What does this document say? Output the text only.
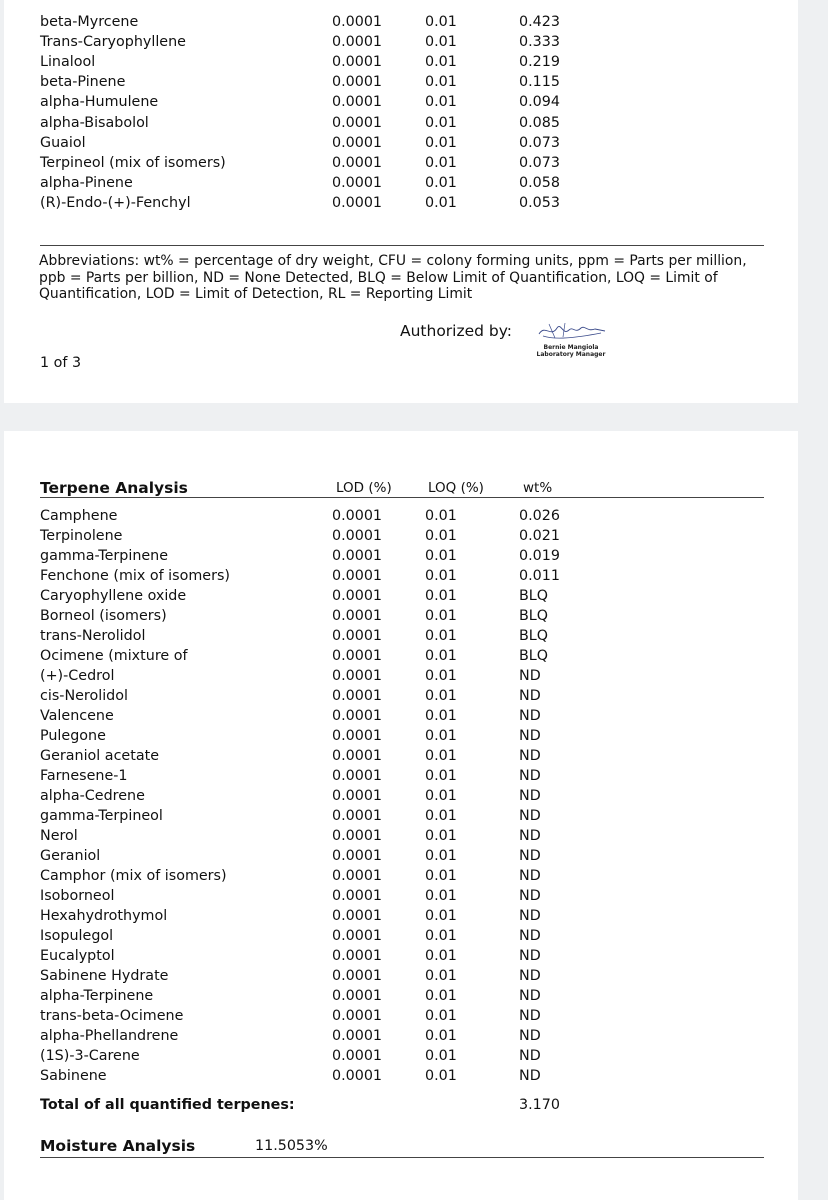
beta-Myrcene	0.0001	0.01	0.423
Trans-Caryophyllene	0.0001	0.01	0.333
Linalool	0.0001	0.01	0.219
beta-Pinene	0.0001	0.01	0.115
alpha-Humulene	0.0001	0.01	0.094
alpha-Bisabolol	0.0001	0.01	0.085
Guaiol	0.0001	0.01	0.073
Terpineol (mix of isomers)	0.0001	0.01	0.073
alpha-Pinene	0.0001	0.01	0.058
(R)-Endo-(+)-Fenchyl	0.0001	0.01	0.053
Abbreviations: wt% = percentage of dry weight, CFU = colony forming units, ppm = Parts per million, ppb = Parts per billion, ND = None Detected, BLQ = Below Limit of Quantification, LOQ = Limit of Quantification, LOD = Limit of Detection, RL = Reporting Limit
Authorized by:
Bernie Mangiola
Laboratory Manager
1 of 3
Terpene Analysis	LOD (%)	LOQ (%)	wt%
Camphene	0.0001	0.01	0.026
Terpinolene	0.0001	0.01	0.021
gamma-Terpinene	0.0001	0.01	0.019
Fenchone (mix of isomers)	0.0001	0.01	0.011
Caryophyllene oxide	0.0001	0.01	BLQ
Borneol (isomers)	0.0001	0.01	BLQ
trans-Nerolidol	0.0001	0.01	BLQ
Ocimene (mixture of	0.0001	0.01	BLQ
(+)-Cedrol	0.0001	0.01	ND
cis-Nerolidol	0.0001	0.01	ND
Valencene	0.0001	0.01	ND
Pulegone	0.0001	0.01	ND
Geraniol acetate	0.0001	0.01	ND
Farnesene-1	0.0001	0.01	ND
alpha-Cedrene	0.0001	0.01	ND
gamma-Terpineol	0.0001	0.01	ND
Nerol	0.0001	0.01	ND
Geraniol	0.0001	0.01	ND
Camphor (mix of isomers)	0.0001	0.01	ND
Isoborneol	0.0001	0.01	ND
Hexahydrothymol	0.0001	0.01	ND
Isopulegol	0.0001	0.01	ND
Eucalyptol	0.0001	0.01	ND
Sabinene Hydrate	0.0001	0.01	ND
alpha-Terpinene	0.0001	0.01	ND
trans-beta-Ocimene	0.0001	0.01	ND
alpha-Phellandrene	0.0001	0.01	ND
(1S)-3-Carene	0.0001	0.01	ND
Sabinene	0.0001	0.01	ND
Total of all quantified terpenes:	3.170
Moisture Analysis	11.5053%
